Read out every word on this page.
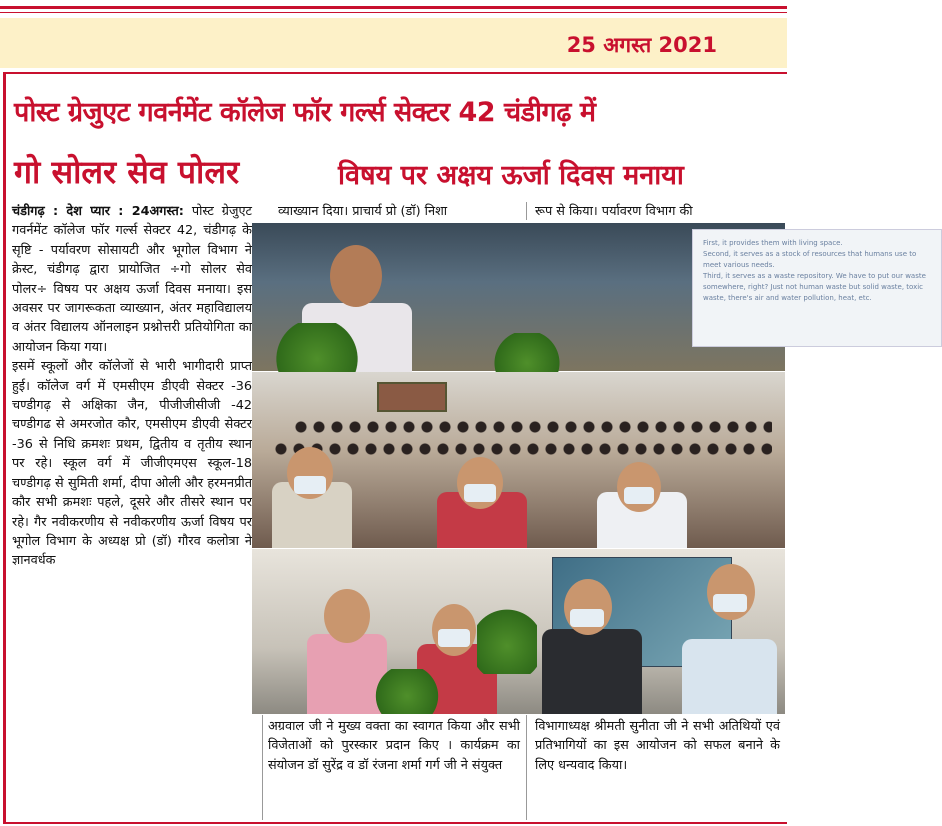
25 अगस्त 2021
पोस्ट ग्रेजुएट गवर्नमेंट कॉलेज फॉर गर्ल्स सेक्टर 42 चंडीगढ़ में
गो सोलर सेव पोलर	विषय पर अक्षय ऊर्जा दिवस मनाया

चंडीगढ़ : देश प्यार : 24अगस्त: पोस्ट ग्रेजुएट गवर्नमेंट कॉलेज फॉर गर्ल्स सेक्टर 42, चंडीगढ़ के सृष्टि - पर्यावरण सोसायटी और भूगोल विभाग ने क्रेस्ट, चंडीगढ़ द्वारा प्रायोजित ÷गो सोलर सेव पोलर÷ विषय पर अक्षय ऊर्जा दिवस मनाया। इस अवसर पर जागरूकता व्याख्यान, अंतर महाविद्यालय व अंतर विद्यालय ऑनलाइन प्रश्नोत्तरी प्रतियोगिता का आयोजन किया गया।

इसमें स्कूलों और कॉलेजों से भारी भागीदारी प्राप्त हुई। कॉलेज वर्ग में एमसीएम डीएवी सेक्टर -36 चण्डीगढ़ से अक्षिका जैन, पीजीजीसीजी -42 चण्डीगढ से अमरजोत कौर, एमसीएम डीएवी सेक्टर -36 से निधि क्रमशः प्रथम, द्वितीय व तृतीय स्थान पर रहे। स्कूल वर्ग में जीजीएमएस स्कूल-18 चण्डीगढ़ से सुमिती शर्मा, दीपा ओली और हरमनप्रीत कौर सभी क्रमशः पहले, दूसरे और तीसरे स्थान पर रहे। गैर नवीकरणीय से नवीकरणीय ऊर्जा विषय पर भूगोल विभाग के अध्यक्ष प्रो (डॉ) गौरव कलोत्रा ने ज्ञानवर्धक

व्याख्यान दिया। प्राचार्य प्रो (डॉ) निशा	रूप से किया। पर्यावरण विभाग की
First, it provides them with living space.
Second, it serves as a stock of resources that humans use to meet various needs.
Third, it serves as a waste repository. We have to put our waste somewhere, right? Just not human waste but solid waste, toxic waste, there's air and water pollution, heat, etc.
अग्रवाल जी ने मुख्य वक्ता का स्वागत किया और सभी विजेताओं को पुरस्कार प्रदान किए । कार्यक्रम का संयोजन डॉ सुरेंद्र व डॉ रंजना शर्मा गर्ग जी ने संयुक्त
विभागाध्यक्ष श्रीमती सुनीता जी ने सभी अतिथियों एवं प्रतिभागियों का इस आयोजन को सफल बनाने के लिए धन्यवाद किया।
